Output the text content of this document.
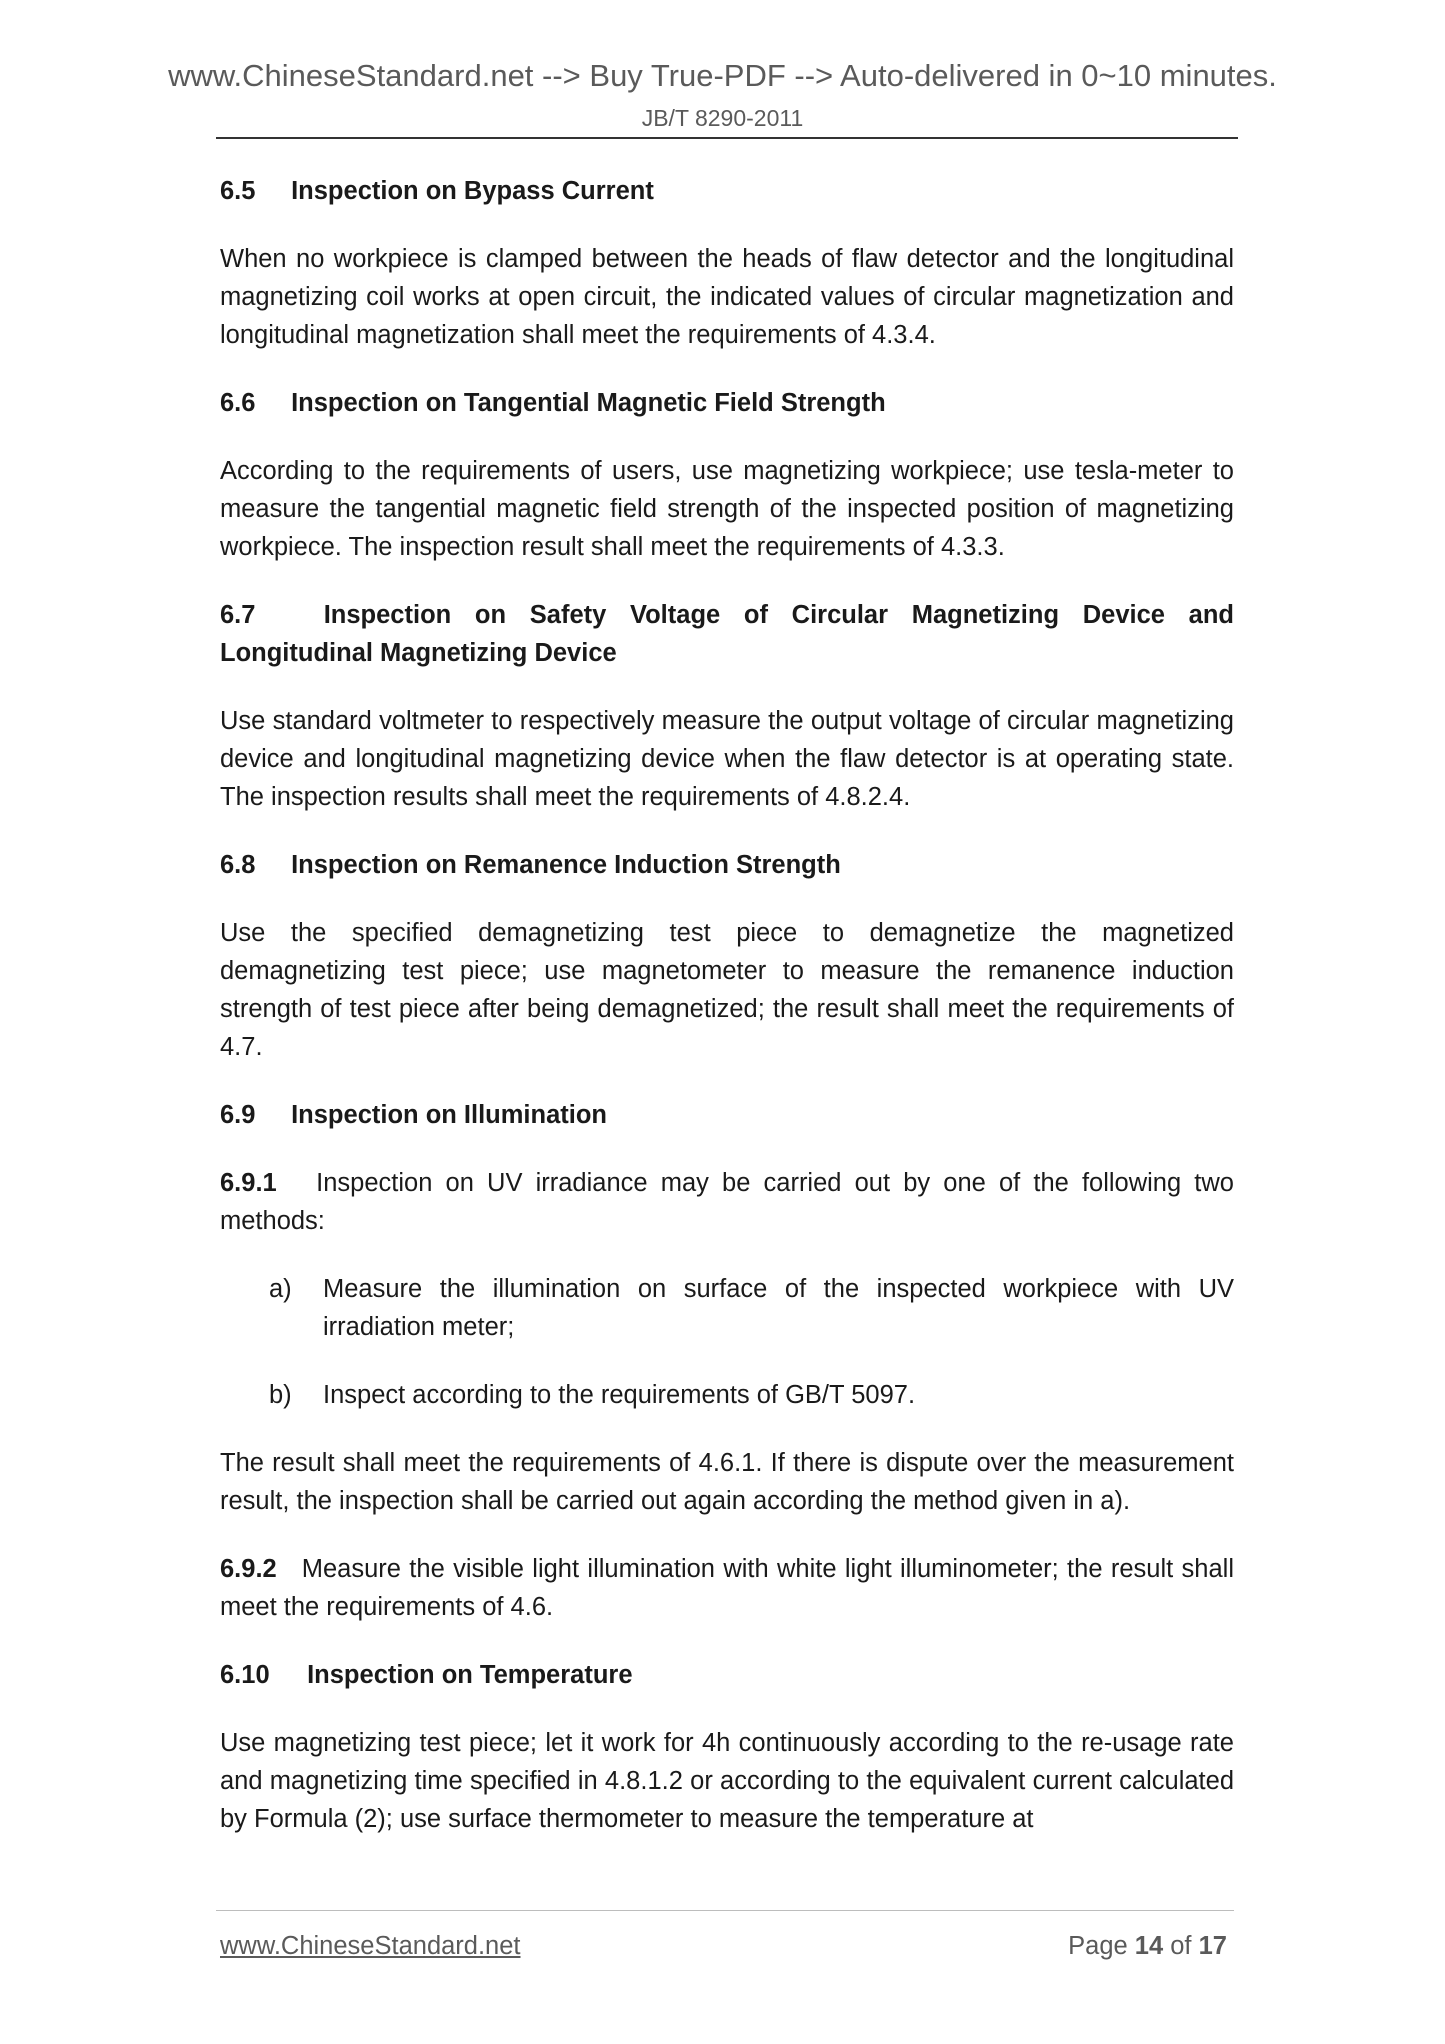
www.ChineseStandard.net --> Buy True-PDF --> Auto-delivered in 0~10 minutes.
JB/T 8290-2011
6.5 Inspection on Bypass Current

When no workpiece is clamped between the heads of flaw detector and the longitudinal magnetizing coil works at open circuit, the indicated values of circular magnetization and longitudinal magnetization shall meet the requirements of 4.3.4.

6.6 Inspection on Tangential Magnetic Field Strength

According to the requirements of users, use magnetizing workpiece; use tesla-meter to measure the tangential magnetic field strength of the inspected position of magnetizing workpiece. The inspection result shall meet the requirements of 4.3.3.

6.7	Inspection on Safety Voltage of Circular Magnetizing Device and Longitudinal Magnetizing Device

Use standard voltmeter to respectively measure the output voltage of circular magnetizing device and longitudinal magnetizing device when the flaw detector is at operating state. The inspection results shall meet the requirements of 4.8.2.4.

6.8 Inspection on Remanence Induction Strength

Use the specified demagnetizing test piece to demagnetize the magnetized demagnetizing test piece; use magnetometer to measure the remanence induction strength of test piece after being demagnetized; the result shall meet the requirements of 4.7.

6.9 Inspection on Illumination

6.9.1 Inspection on UV irradiance may be carried out by one of the following two methods:

a) Measure the illumination on surface of the inspected workpiece with UV irradiation meter;

b) Inspect according to the requirements of GB/T 5097.

The result shall meet the requirements of 4.6.1. If there is dispute over the measurement result, the inspection shall be carried out again according the method given in a).

6.9.2 Measure the visible light illumination with white light illuminometer; the result shall meet the requirements of 4.6.

6.10 Inspection on Temperature

Use magnetizing test piece; let it work for 4h continuously according to the re-usage rate and magnetizing time specified in 4.8.1.2 or according to the equivalent current calculated by Formula (2); use surface thermometer to measure the temperature at

www.ChineseStandard.net	Page 14 of 17
